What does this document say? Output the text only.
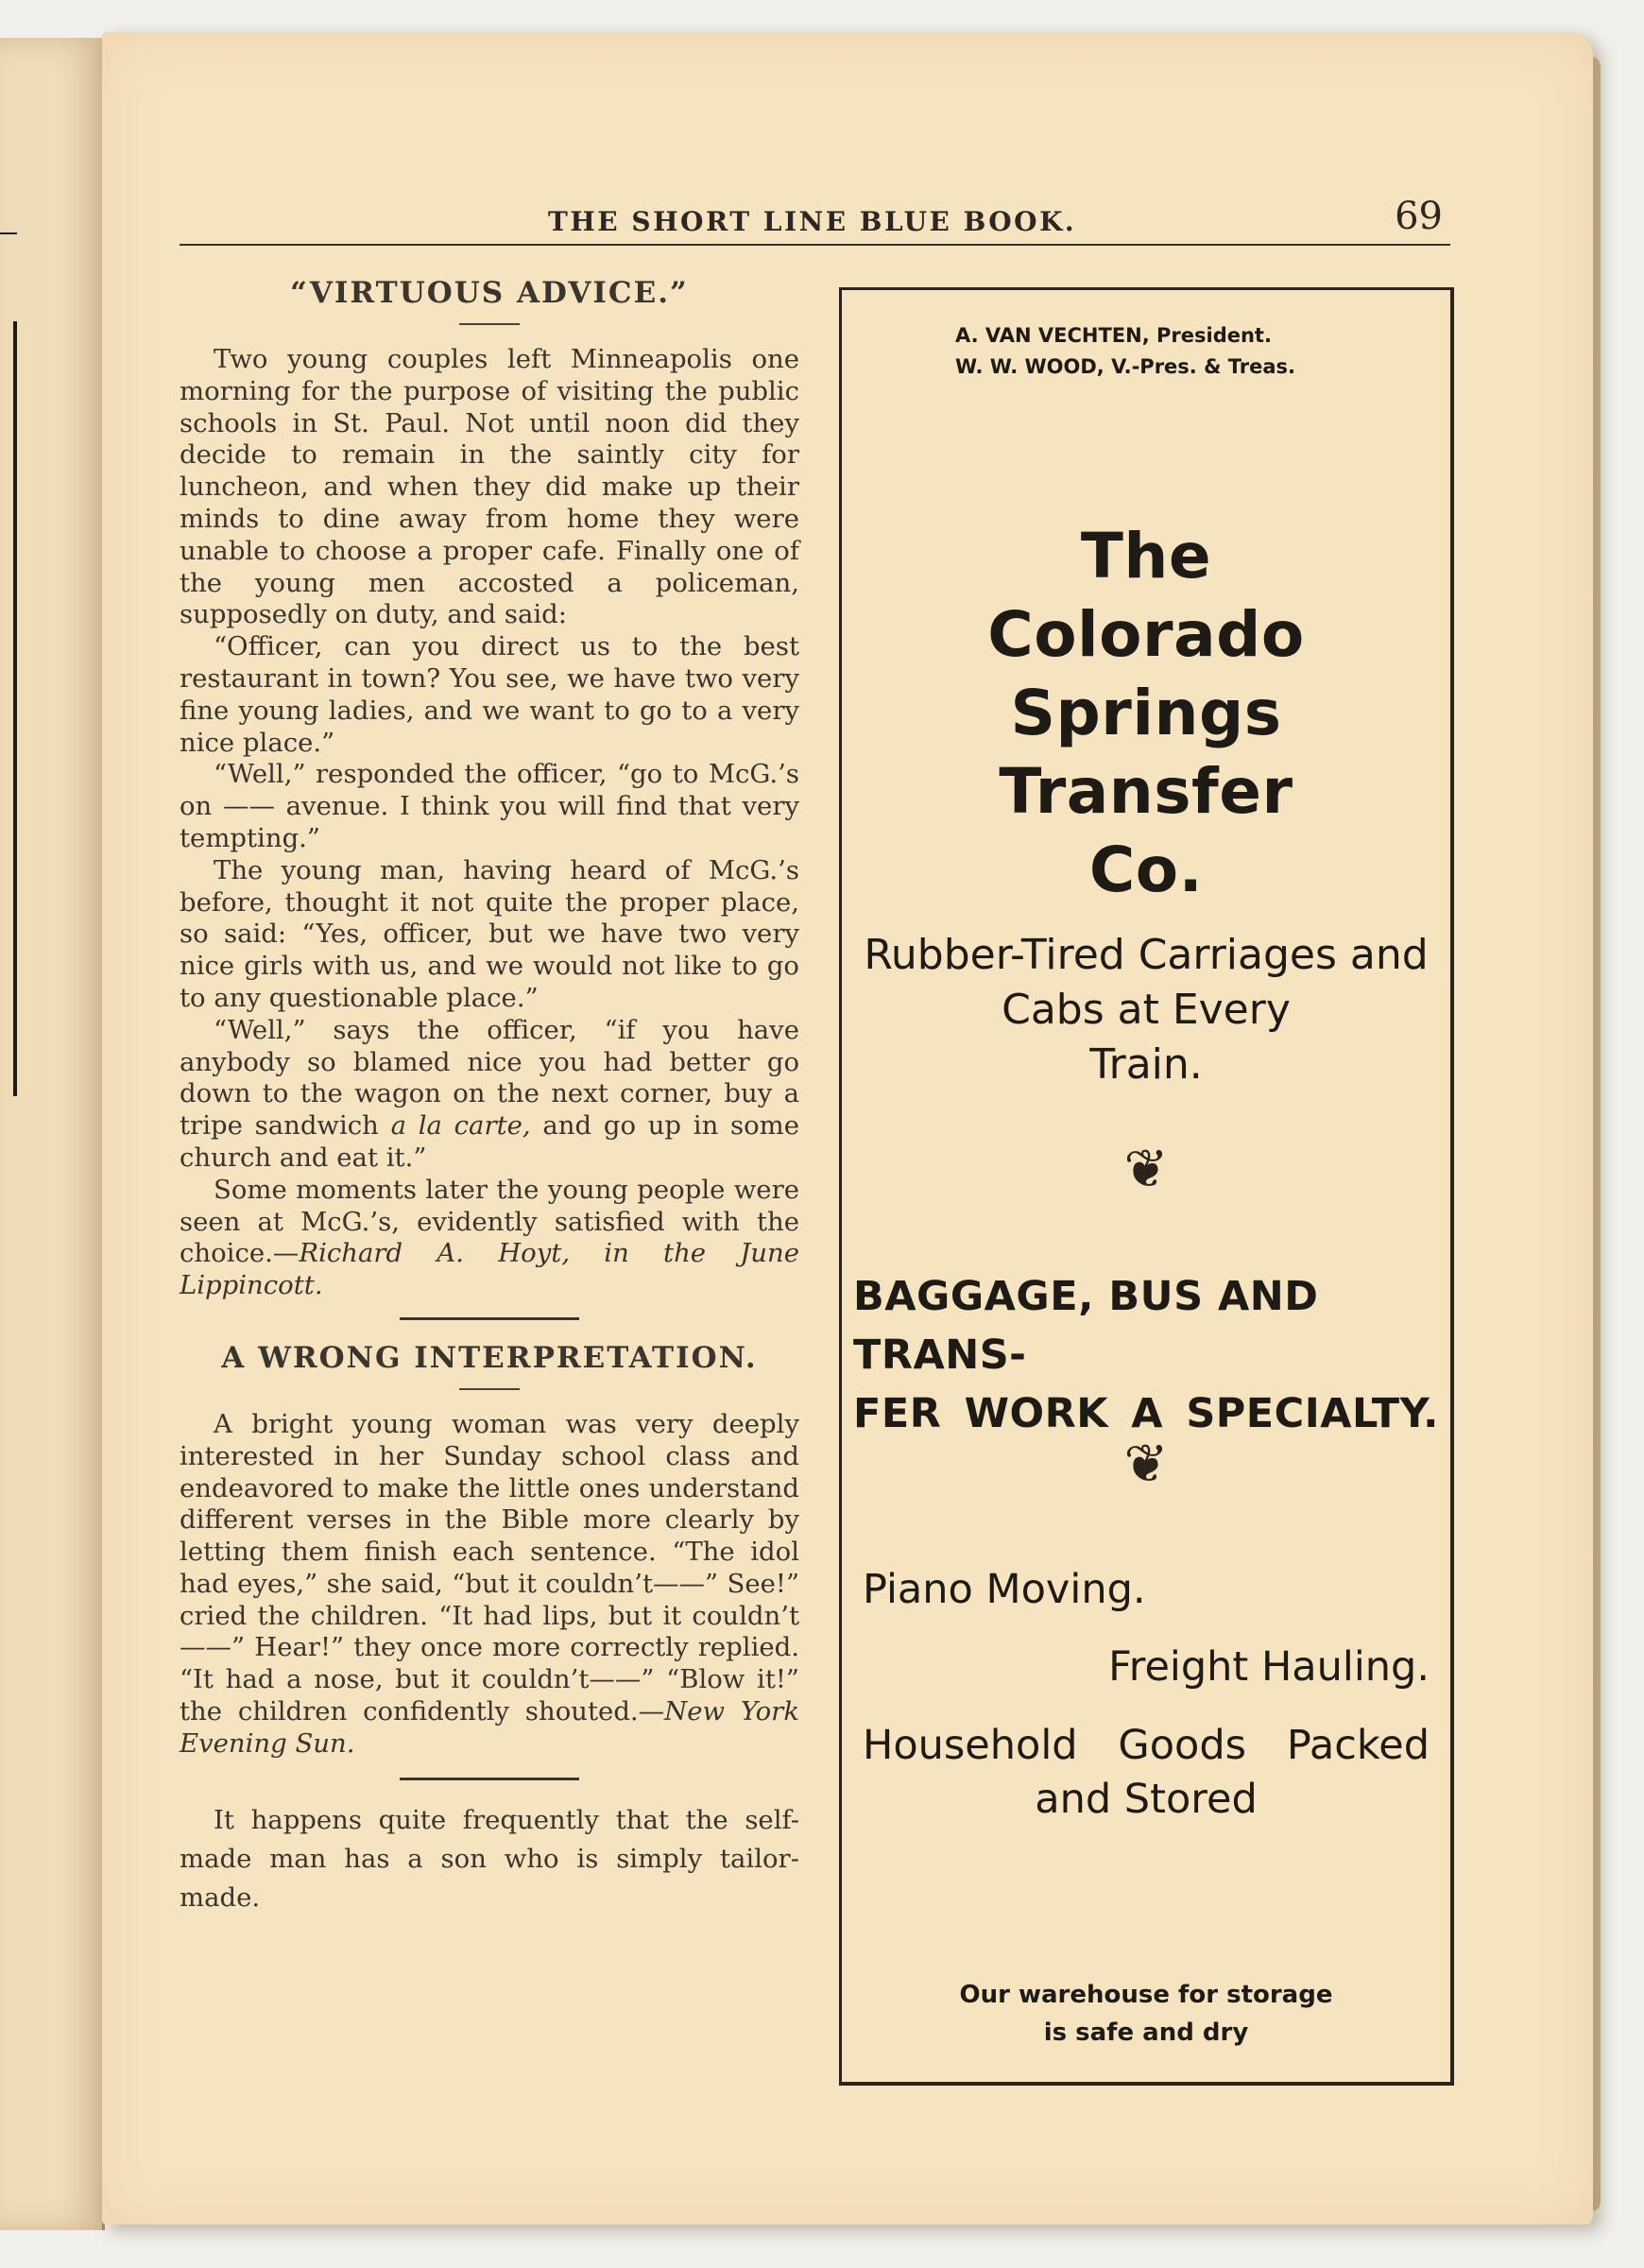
THE SHORT LINE BLUE BOOK.	69
“VIRTUOUS ADVICE.”

Two young couples left Minneapolis one morning for the purpose of visiting the public schools in St. Paul. Not until noon did they decide to remain in the saintly city for luncheon, and when they did make up their minds to dine away from home they were unable to choose a proper cafe. Finally one of the young men accosted a policeman, supposedly on duty, and said:

“Officer, can you direct us to the best restaurant in town? You see, we have two very fine young ladies, and we want to go to a very nice place.”

“Well,” responded the officer, “go to McG.’s on —— avenue. I think you will find that very tempting.”

The young man, having heard of McG.’s before, thought it not quite the proper place, so said: “Yes, officer, but we have two very nice girls with us, and we would not like to go to any questionable place.”

“Well,” says the officer, “if you have anybody so blamed nice you had better go down to the wagon on the next corner, buy a tripe sandwich a la carte, and go up in some church and eat it.”

Some moments later the young people were seen at McG.’s, evidently satisfied with the choice.—Richard A. Hoyt, in the June Lippincott.

A WRONG INTERPRETATION.

A bright young woman was very deeply interested in her Sunday school class and endeavored to make the little ones understand different verses in the Bible more clearly by letting them finish each sentence. “The idol had eyes,” she said, “but it couldn’t——” See!” cried the children. “It had lips, but it couldn’t——” Hear!” they once more correctly replied. “It had a nose, but it couldn’t——” “Blow it!” the children confidently shouted.—New York Evening Sun.

It happens quite frequently that the self-made man has a son who is simply tailor-made.

A. VAN VECHTEN, President.
W. W. WOOD, V.-Pres. & Treas.
The
Colorado Springs
Transfer
Co.
Rubber-Tired Carriages and
Cabs at Every
Train.
❦
BAGGAGE, BUS AND TRANS-
FER WORK A SPECIALTY.
❦
Piano Moving.
Freight Hauling.
Household Goods Packed
and Stored
Our warehouse for storage
is safe and dry
